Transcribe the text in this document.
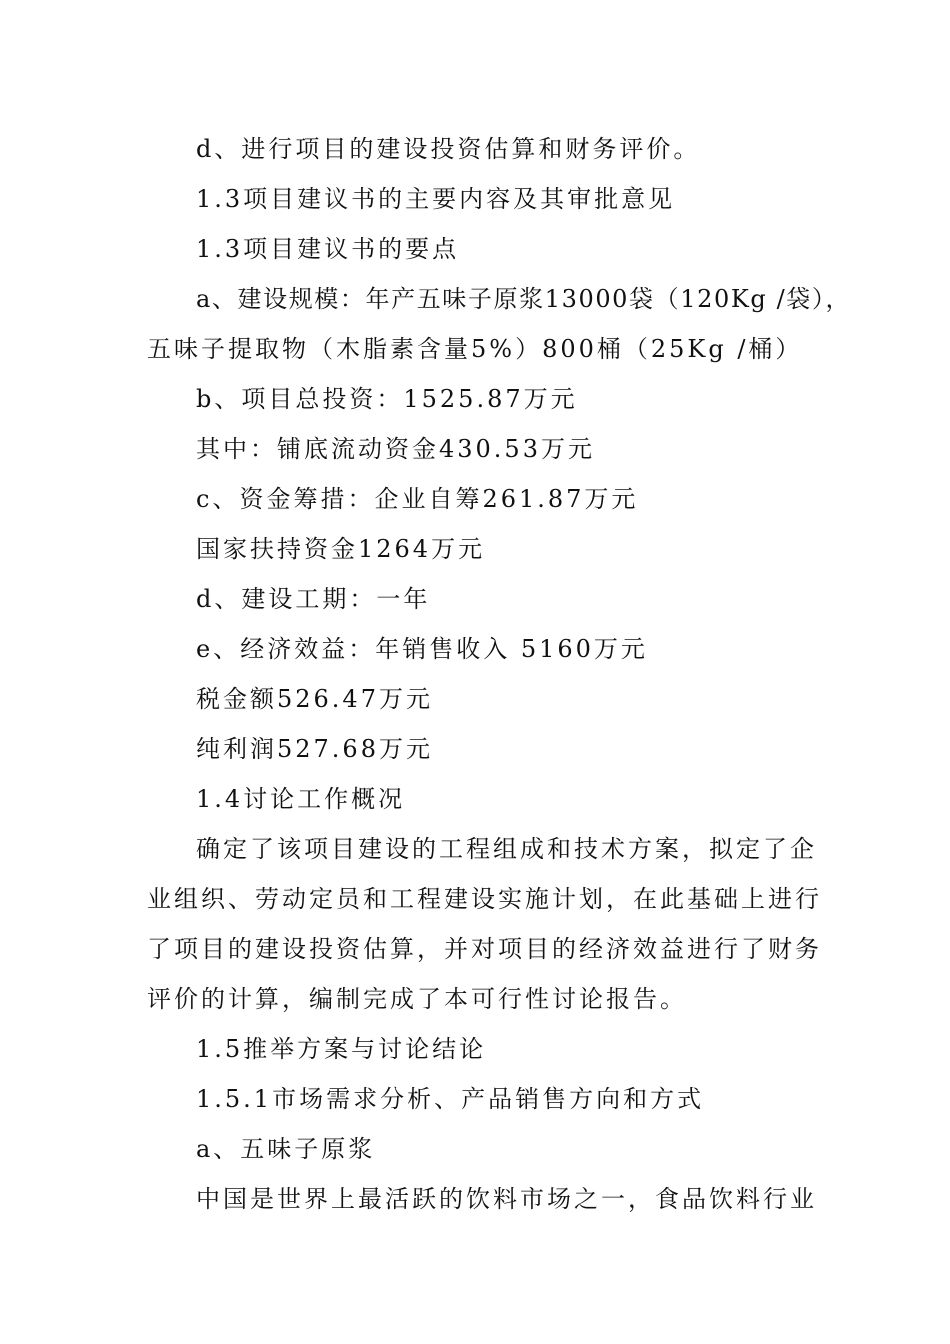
d、进行项目的建设投资估算和财务评价。
1.3项目建议书的主要内容及其审批意见
1.3项目建议书的要点
a、建设规模：年产五味子原浆13000袋（120Kg /袋），
五味子提取物（木脂素含量5%）800桶（25Kg /桶）
b、项目总投资：1525.87万元
其中：铺底流动资金430.53万元
c、资金筹措：企业自筹261.87万元
国家扶持资金1264万元
d、建设工期：一年
e、经济效益：年销售收入 5160万元
税金额526.47万元
纯利润527.68万元
1.4讨论工作概况
确定了该项目建设的工程组成和技术方案，拟定了企
业组织、劳动定员和工程建设实施计划，在此基础上进行
了项目的建设投资估算，并对项目的经济效益进行了财务
评价的计算，编制完成了本可行性讨论报告。
1.5推举方案与讨论结论
1.5.1市场需求分析、产品销售方向和方式
a、五味子原浆
中国是世界上最活跃的饮料市场之一，食品饮料行业
